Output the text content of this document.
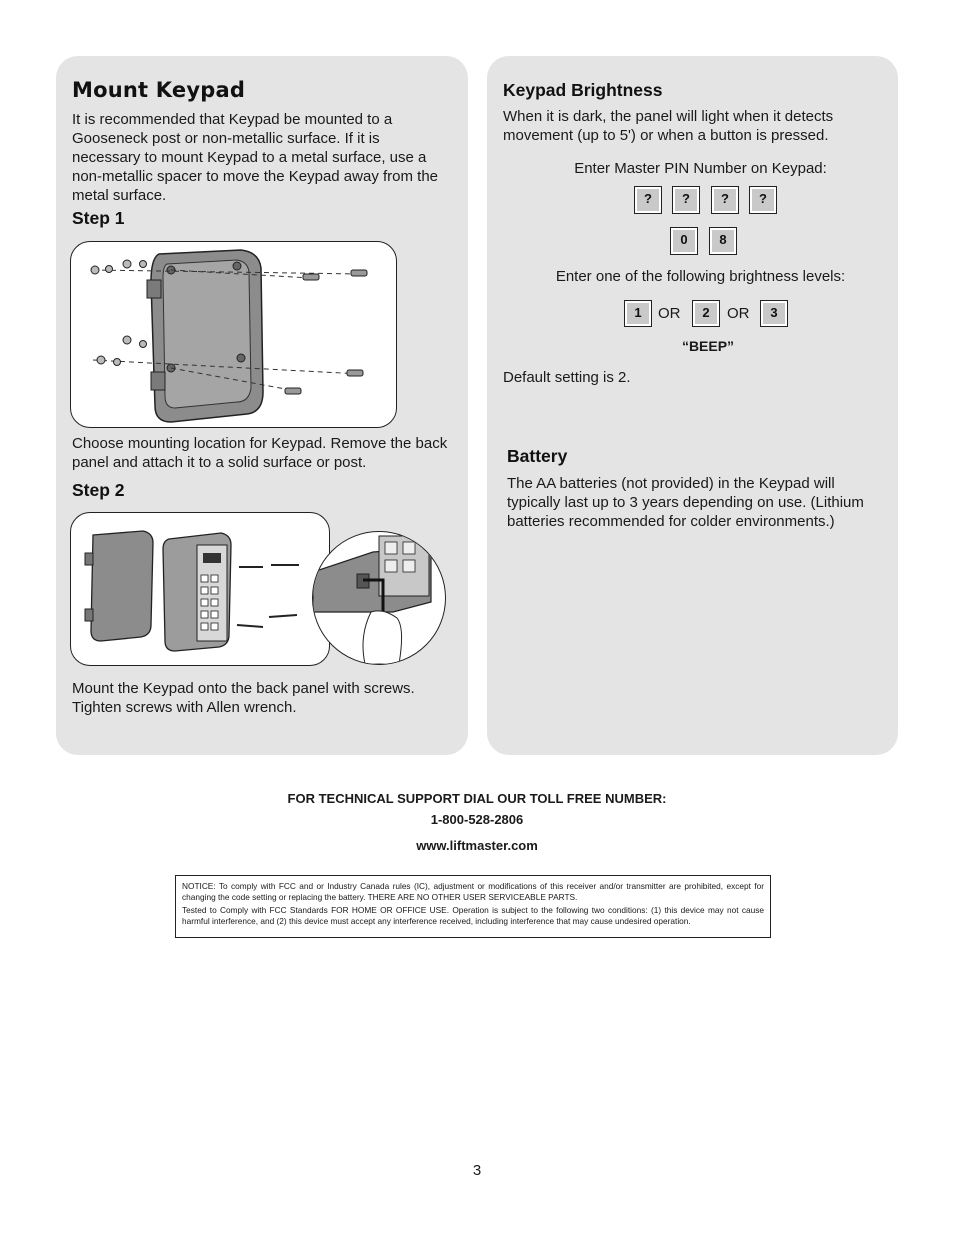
Mount Keypad
It is recommended that Keypad be mounted to a Gooseneck post or non-metallic surface. If it is necessary to mount Keypad to a metal surface, use a non-metallic spacer to move the Keypad away from the metal surface.
Step 1
Choose mounting location for Keypad. Remove the back panel and attach it to a solid surface or post.
Step 2
Mount the Keypad onto the back panel with screws. Tighten screws with Allen wrench.
Keypad Brightness
When it is dark, the panel will light when it detects movement (up to 5') or when a button is pressed.
Enter Master PIN Number on Keypad:
?	?	?	?
0	8
Enter one of the following brightness levels:
1	OR	2	OR	3
“BEEP”
Default setting is 2.
Battery
The AA batteries (not provided) in the Keypad will typically last up to 3 years depending on use. (Lithium batteries recommended for colder environments.)
FOR TECHNICAL SUPPORT DIAL OUR TOLL FREE NUMBER:
1-800-528-2806
www.liftmaster.com

NOTICE: To comply with FCC and or Industry Canada rules (IC), adjustment or modifications of this receiver and/or transmitter are prohibited, except for changing the code setting or replacing the battery. THERE ARE NO OTHER USER SERVICEABLE PARTS.

Tested to Comply with FCC Standards FOR HOME OR OFFICE USE. Operation is subject to the following two conditions: (1) this device may not cause harmful interference, and (2) this device must accept any interference received, including interference that may cause undesired operation.

3
